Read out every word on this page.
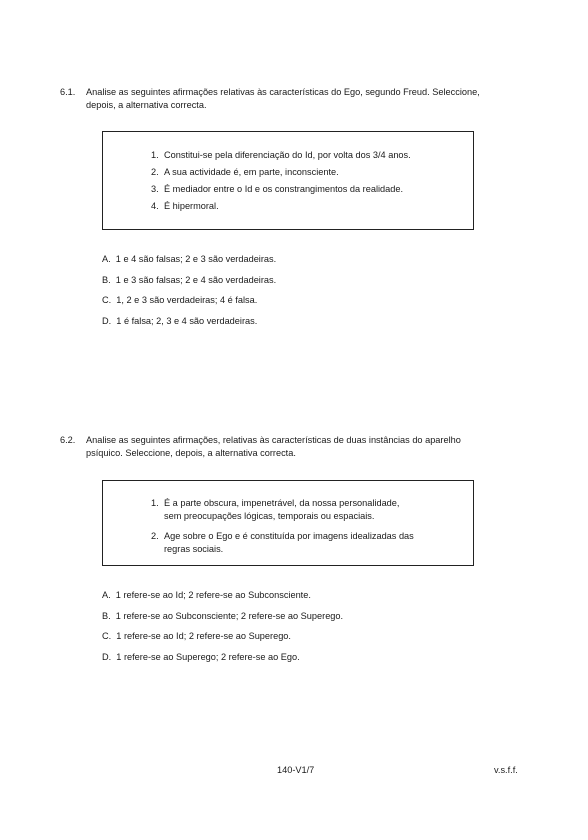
6.1. Analise as seguintes afirmações relativas às características do Ego, segundo Freud. Seleccione,
depois, a alternativa correcta.
1. Constitui-se pela diferenciação do Id, por volta dos 3/4 anos.
2. A sua actividade é, em parte, inconsciente.
3. É mediador entre o Id e os constrangimentos da realidade.
4. É hipermoral.
A. 1 e 4 são falsas; 2 e 3 são verdadeiras.
B. 1 e 3 são falsas; 2 e 4 são verdadeiras.
C. 1, 2 e 3 são verdadeiras; 4 é falsa.
D. 1 é falsa; 2, 3 e 4 são verdadeiras.
6.2. Analise as seguintes afirmações, relativas às características de duas instâncias do aparelho
psíquico. Seleccione, depois, a alternativa correcta.
1. É a parte obscura, impenetrável, da nossa personalidade,
sem preocupações lógicas, temporais ou espaciais.
2. Age sobre o Ego e é constituída por imagens idealizadas das
regras sociais.
A. 1 refere-se ao Id; 2 refere-se ao Subconsciente.
B. 1 refere-se ao Subconsciente; 2 refere-se ao Superego.
C. 1 refere-se ao Id; 2 refere-se ao Superego.
D. 1 refere-se ao Superego; 2 refere-se ao Ego.
140-V1/7	v.s.f.f.
